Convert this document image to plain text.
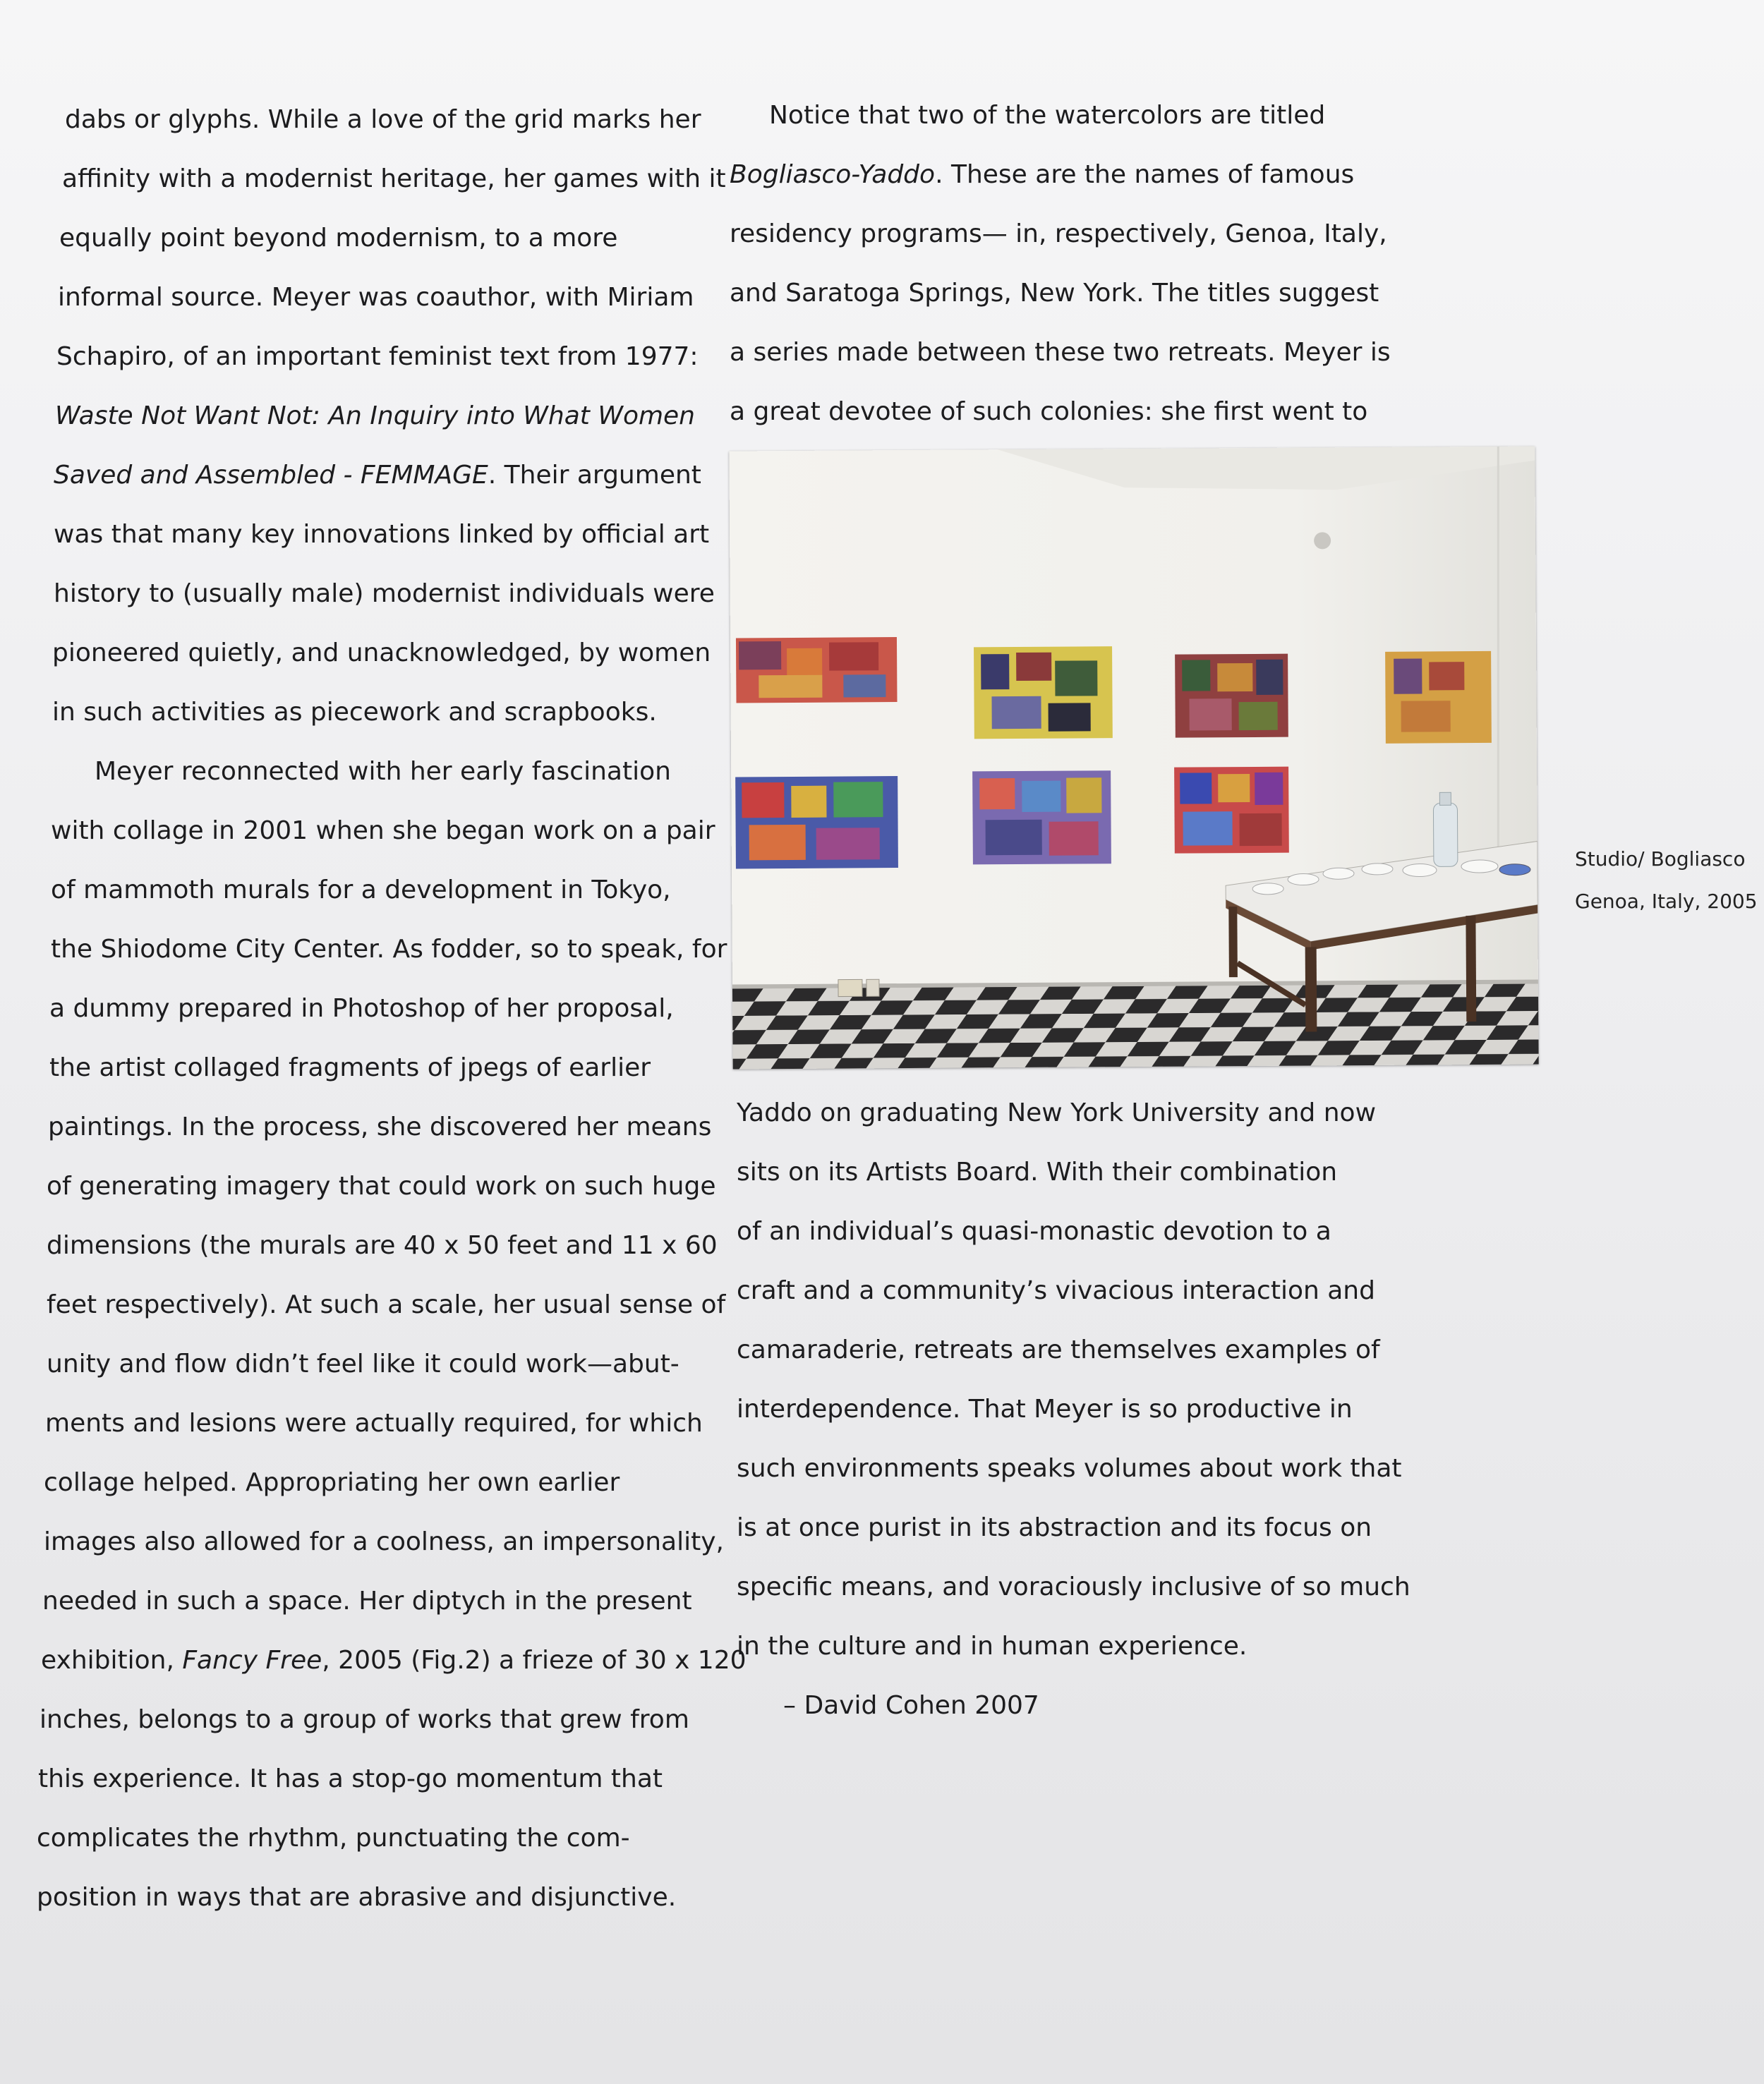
dabs or glyphs. While a love of the grid marks her
affinity with a modernist heritage, her games with it
equally point beyond modernism, to a more
informal source. Meyer was coauthor, with Miriam
Schapiro, of an important feminist text from 1977:
Waste Not Want Not: An Inquiry into What Women
Saved and Assembled - FEMMAGE. Their argument
was that many key innovations linked by official art
history to (usually male) modernist individuals were
pioneered quietly, and unacknowledged, by women
in such activities as piecework and scrapbooks.
Meyer reconnected with her early fascination
with collage in 2001 when she began work on a pair
of mammoth murals for a development in Tokyo,
the Shiodome City Center. As fodder, so to speak, for
a dummy prepared in Photoshop of her proposal,
the artist collaged fragments of jpegs of earlier
paintings. In the process, she discovered her means
of generating imagery that could work on such huge
dimensions (the murals are 40 x 50 feet and 11 x 60
feet respectively). At such a scale, her usual sense of
unity and flow didn’t feel like it could work—abut-
ments and lesions were actually required, for which
collage helped. Appropriating her own earlier
images also allowed for a coolness, an impersonality,
needed in such a space. Her diptych in the present
exhibition, Fancy Free, 2005 (Fig.2) a frieze of 30 x 120
inches, belongs to a group of works that grew from
this experience. It has a stop-go momentum that
complicates the rhythm, punctuating the com-
position in ways that are abrasive and disjunctive.
Notice that two of the watercolors are titled
Bogliasco-Yaddo. These are the names of famous
residency programs— in, respectively, Genoa, Italy,
and Saratoga Springs, New York. The titles suggest
a series made between these two retreats. Meyer is
a great devotee of such colonies: she first went to
Studio/ Bogliasco
Genoa, Italy, 2005
Yaddo on graduating New York University and now
sits on its Artists Board. With their combination
of an individual’s quasi-monastic devotion to a
craft and a community’s vivacious interaction and
camaraderie, retreats are themselves examples of
interdependence. That Meyer is so productive in
such environments speaks volumes about work that
is at once purist in its abstraction and its focus on
specific means, and voraciously inclusive of so much
in the culture and in human experience.
– David Cohen 2007
